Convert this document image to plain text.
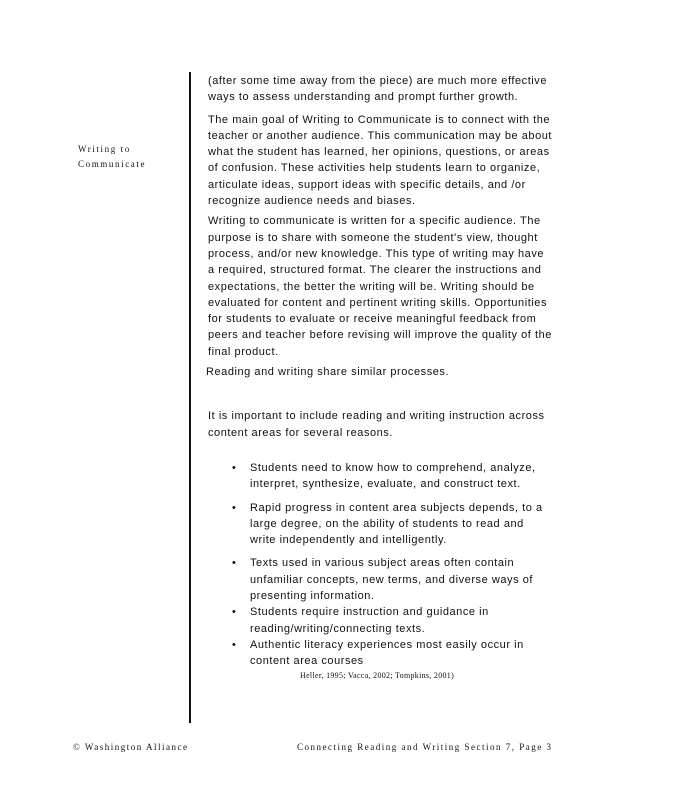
Writing to
Communicate

(after some time away from the piece) are much more effective ways to assess understanding and prompt further growth.

The main goal of Writing to Communicate is to connect with the teacher or another audience. This communication may be about what the student has learned, her opinions, questions, or areas of confusion. These activities help students learn to organize, articulate ideas, support ideas with specific details, and /or recognize audience needs and biases.

Writing to communicate is written for a specific audience. The purpose is to share with someone the student's view, thought process, and/or new knowledge. This type of writing may have a required, structured format. The clearer the instructions and expectations, the better the writing will be. Writing should be evaluated for content and pertinent writing skills. Opportunities for students to evaluate or receive meaningful feedback from peers and teacher before revising will improve the quality of the final product.

Reading and writing share similar processes.

It is important to include reading and writing instruction across content areas for several reasons.

• Students need to know how to comprehend, analyze, interpret, synthesize, evaluate, and construct text.
• Rapid progress in content area subjects depends, to a large degree, on the ability of students to read and write independently and intelligently.
• Texts used in various subject areas often contain unfamiliar concepts, new terms, and diverse ways of presenting information.
• Students require instruction and guidance in reading/writing/connecting texts.
• Authentic literacy experiences most easily occur in content area courses

Heller, 1995; Vacca, 2002; Tompkins, 2001)

© Washington Alliance	Connecting Reading and Writing Section 7, Page 3
